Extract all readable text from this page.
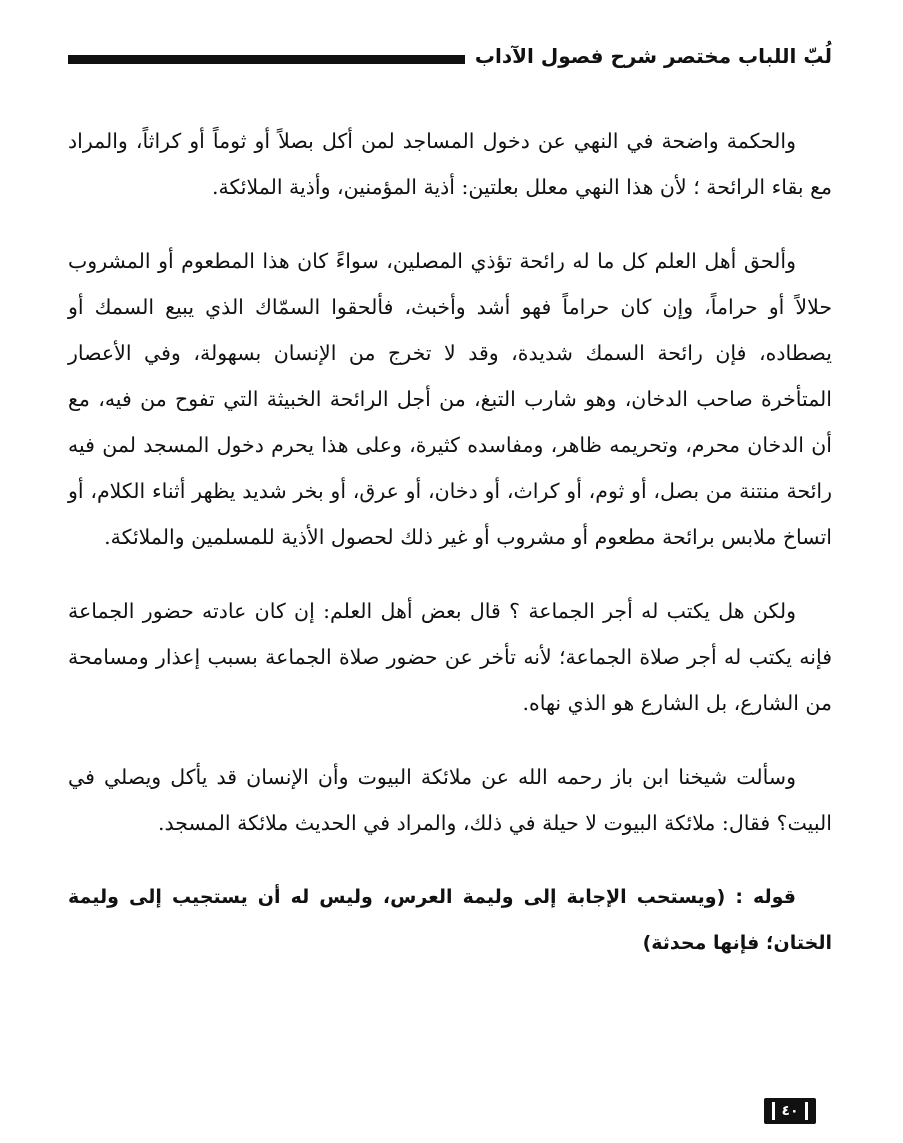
لُبّ اللباب مختصر شرح فصول الآداب

والحكمة واضحة في النهي عن دخول المساجد لمن أكل بصلاً أو ثوماً أو كراثاً، والمراد مع بقاء الرائحة ؛ لأن هذا النهي معلل بعلتين: أذية المؤمنين، وأذية الملائكة.

وألحق أهل العلم كل ما له رائحة تؤذي المصلين، سواءً كان هذا المطعوم أو المشروب حلالاً أو حراماً، وإن كان حراماً فهو أشد وأخبث، فألحقوا السمّاك الذي يبيع السمك أو يصطاده، فإن رائحة السمك شديدة، وقد لا تخرج من الإنسان بسهولة، وفي الأعصار المتأخرة صاحب الدخان، وهو شارب التبغ، من أجل الرائحة الخبيثة التي تفوح من فيه، مع أن الدخان محرم، وتحريمه ظاهر، ومفاسده كثيرة، وعلى هذا يحرم دخول المسجد لمن فيه رائحة منتنة من بصل، أو ثوم، أو كراث، أو دخان، أو عرق، أو بخر شديد يظهر أثناء الكلام، أو اتساخ ملابس برائحة مطعوم أو مشروب أو غير ذلك لحصول الأذية للمسلمين والملائكة.

ولكن هل يكتب له أجر الجماعة ؟ قال بعض أهل العلم: إن كان عادته حضور الجماعة فإنه يكتب له أجر صلاة الجماعة؛ لأنه تأخر عن حضور صلاة الجماعة بسبب إعذار ومسامحة من الشارع، بل الشارع هو الذي نهاه.

وسألت شيخنا ابن باز رحمه الله عن ملائكة البيوت وأن الإنسان قد يأكل ويصلي في البيت؟ فقال: ملائكة البيوت لا حيلة في ذلك، والمراد في الحديث ملائكة المسجد.

قوله : (ويستحب الإجابة إلى وليمة العرس، وليس له أن يستجيب إلى وليمة الختان؛ فإنها محدثة)

٤٠
